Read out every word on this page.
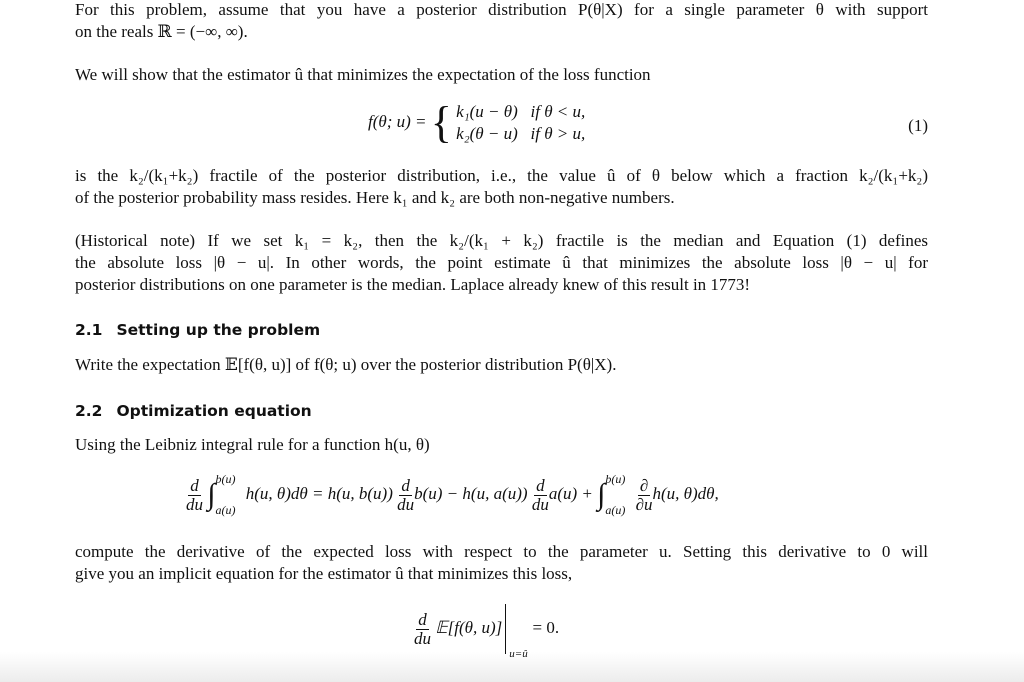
For this problem, assume that you have a posterior distribution P(θ|X) for a single parameter θ with support
on the reals ℝ = (−∞, ∞).
We will show that the estimator û that minimizes the expectation of the loss function
f(θ; u) = { k₁(u − θ)   if θ < u,
k₂(θ − u)   if θ > u,	(1)
is the k₂/(k₁+k₂) fractile of the posterior distribution, i.e., the value û of θ below which a fraction k₂/(k₁+k₂)
of the posterior probability mass resides. Here k₁ and k₂ are both non-negative numbers.
(Historical note) If we set k₁ = k₂, then the k₂/(k₁ + k₂) fractile is the median and Equation (1) defines
the absolute loss |θ − u|. In other words, the point estimate û that minimizes the absolute loss |θ − u| for
posterior distributions on one parameter is the median. Laplace already knew of this result in 1773!
2.1 Setting up the problem
Write the expectation 𝔼[f(θ, u)] of f(θ; u) over the posterior distribution P(θ|X).
2.2 Optimization equation
Using the Leibniz integral rule for a function h(u, θ)
$\frac{d}{du}$ ∫ b(u)
a(u)
h(u, θ)dθ = h(u, $b(u)) \frac{d}{du} b(u) - h(u$, $a(u)) \frac{d}{du} a(u)$ + ∫ b(u)
a(u)
$\frac{\partial}{\partial u} h(u$, θ)dθ,
compute the derivative of the expected loss with respect to the parameter u. Setting this derivative to 0 will
give you an implicit equation for the estimator û that minimizes this loss,
$\frac{d}{du}$ 𝔼[f(θ, u)]
u=û
= 0.
